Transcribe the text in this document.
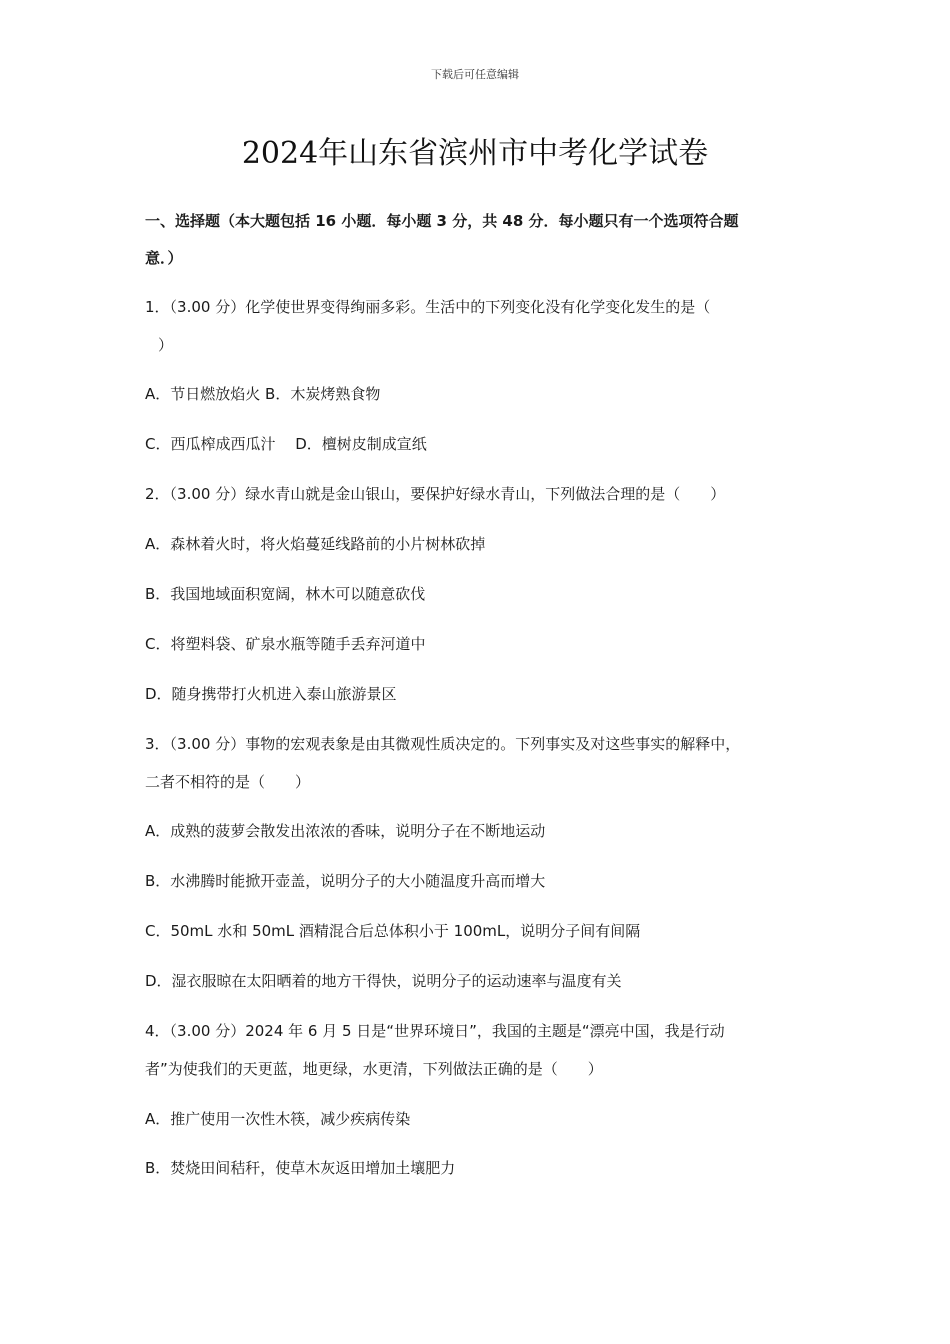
下载后可任意编辑
2024年山东省滨州市中考化学试卷
一、选择题（本大题包括 16 小题．每小题 3 分，共 48 分．每小题只有一个选项符合题
意．）
1．（3.00 分）化学使世界变得绚丽多彩。生活中的下列变化没有化学变化发生的是（
）
A．节日燃放焰火 B．木炭烤熟食物
C．西瓜榨成西瓜汁　 D．檀树皮制成宣纸
2．（3.00 分）绿水青山就是金山银山，要保护好绿水青山，下列做法合理的是（　　）
A．森林着火时，将火焰蔓延线路前的小片树林砍掉
B．我国地域面积宽阔，林木可以随意砍伐
C．将塑料袋、矿泉水瓶等随手丢弃河道中
D．随身携带打火机进入泰山旅游景区
3．（3.00 分）事物的宏观表象是由其微观性质决定的。下列事实及对这些事实的解释中，
二者不相符的是（　　）
A．成熟的菠萝会散发出浓浓的香味，说明分子在不断地运动
B．水沸腾时能掀开壶盖，说明分子的大小随温度升高而增大
C．50mL 水和 50mL 酒精混合后总体积小于 100mL，说明分子间有间隔
D．湿衣服晾在太阳晒着的地方干得快，说明分子的运动速率与温度有关
4．（3.00 分）2024 年 6 月 5 日是“世界环境日”，我国的主题是“漂亮中国，我是行动
者”为使我们的天更蓝，地更绿，水更清，下列做法正确的是（　　）
A．推广使用一次性木筷，减少疾病传染
B．焚烧田间秸秆，使草木灰返田增加土壤肥力
